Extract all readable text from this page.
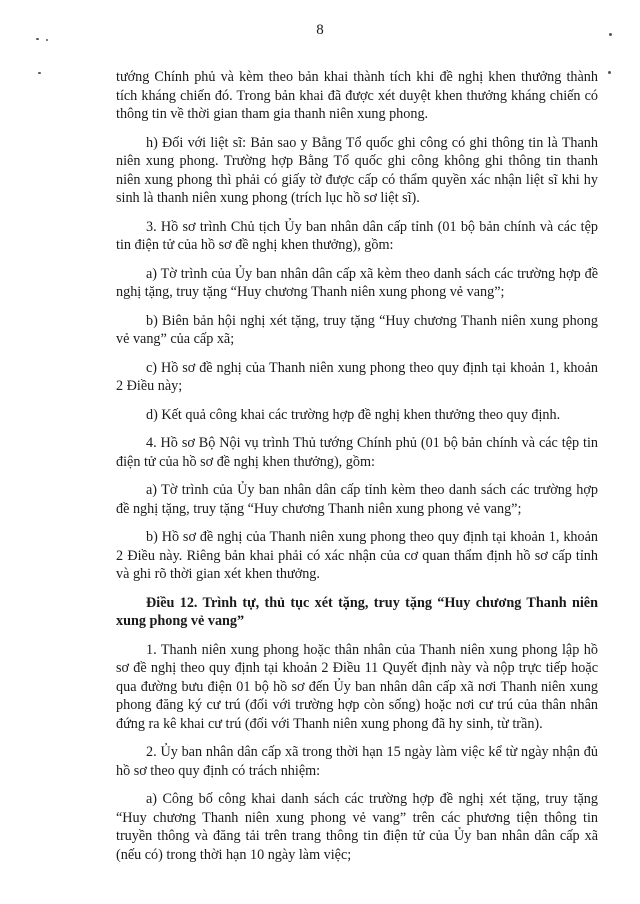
8

tướng Chính phủ và kèm theo bản khai thành tích khi đề nghị khen thưởng thành tích kháng chiến đó. Trong bản khai đã được xét duyệt khen thưởng kháng chiến có thông tin về thời gian tham gia thanh niên xung phong.

h) Đối với liệt sĩ: Bản sao y Bằng Tổ quốc ghi công có ghi thông tin là Thanh niên xung phong. Trường hợp Bằng Tổ quốc ghi công không ghi thông tin thanh niên xung phong thì phải có giấy tờ được cấp có thẩm quyền xác nhận liệt sĩ khi hy sinh là thanh niên xung phong (trích lục hồ sơ liệt sĩ).

3. Hồ sơ trình Chủ tịch Ủy ban nhân dân cấp tỉnh (01 bộ bản chính và các tệp tin điện tử của hồ sơ đề nghị khen thưởng), gồm:

a) Tờ trình của Ủy ban nhân dân cấp xã kèm theo danh sách các trường hợp đề nghị tặng, truy tặng “Huy chương Thanh niên xung phong vẻ vang”;

b) Biên bản hội nghị xét tặng, truy tặng “Huy chương Thanh niên xung phong vẻ vang” của cấp xã;

c) Hồ sơ đề nghị của Thanh niên xung phong theo quy định tại khoản 1, khoản 2 Điều này;

d) Kết quả công khai các trường hợp đề nghị khen thưởng theo quy định.

4. Hồ sơ Bộ Nội vụ trình Thủ tướng Chính phủ (01 bộ bản chính và các tệp tin điện tử của hồ sơ đề nghị khen thưởng), gồm:

a) Tờ trình của Ủy ban nhân dân cấp tỉnh kèm theo danh sách các trường hợp đề nghị tặng, truy tặng “Huy chương Thanh niên xung phong vẻ vang”;

b) Hồ sơ đề nghị của Thanh niên xung phong theo quy định tại khoản 1, khoản 2 Điều này. Riêng bản khai phải có xác nhận của cơ quan thẩm định hồ sơ cấp tỉnh và ghi rõ thời gian xét khen thưởng.

Điều 12. Trình tự, thủ tục xét tặng, truy tặng “Huy chương Thanh niên xung phong vẻ vang”

1. Thanh niên xung phong hoặc thân nhân của Thanh niên xung phong lập hồ sơ đề nghị theo quy định tại khoản 2 Điều 11 Quyết định này và nộp trực tiếp hoặc qua đường bưu điện 01 bộ hồ sơ đến Ủy ban nhân dân cấp xã nơi Thanh niên xung phong đăng ký cư trú (đối với trường hợp còn sống) hoặc nơi cư trú của thân nhân đứng ra kê khai cư trú (đối với Thanh niên xung phong đã hy sinh, từ trần).

2. Ủy ban nhân dân cấp xã trong thời hạn 15 ngày làm việc kể từ ngày nhận đủ hồ sơ theo quy định có trách nhiệm:

a) Công bố công khai danh sách các trường hợp đề nghị xét tặng, truy tặng “Huy chương Thanh niên xung phong vẻ vang” trên các phương tiện thông tin truyền thông và đăng tải trên trang thông tin điện tử của Ủy ban nhân dân cấp xã (nếu có) trong thời hạn 10 ngày làm việc;
